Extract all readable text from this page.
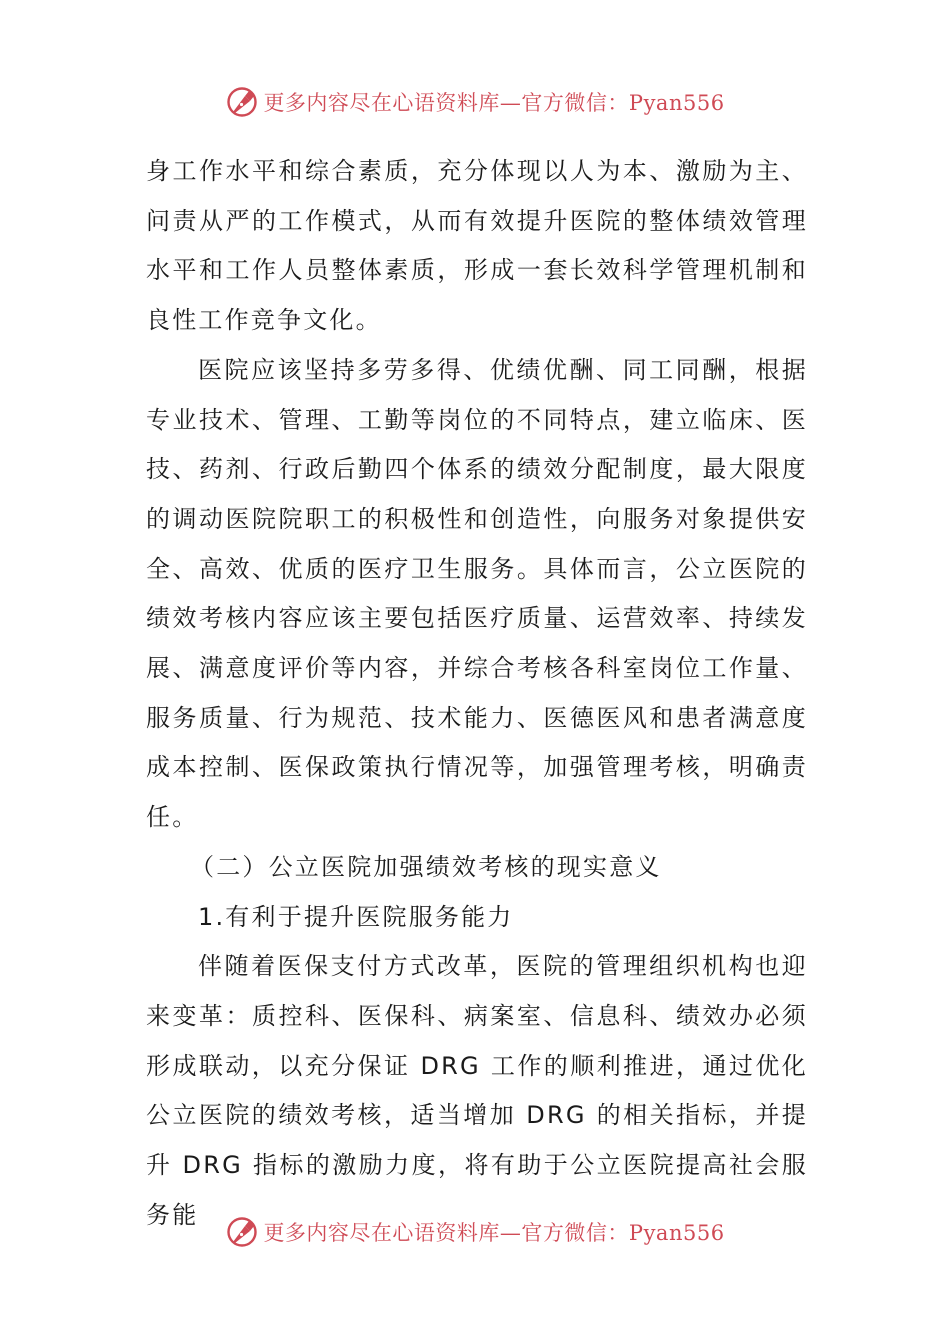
更多内容尽在心语资料库—官方微信：Pyan556

身工作水平和综合素质，充分体现以人为本、激励为主、问责从严的工作模式，从而有效提升医院的整体绩效管理水平和工作人员整体素质，形成一套长效科学管理机制和良性工作竞争文化。

医院应该坚持多劳多得、优绩优酬、同工同酬，根据专业技术、管理、工勤等岗位的不同特点，建立临床、医技、药剂、行政后勤四个体系的绩效分配制度，最大限度的调动医院院职工的积极性和创造性，向服务对象提供安全、高效、优质的医疗卫生服务。具体而言，公立医院的绩效考核内容应该主要包括医疗质量、运营效率、持续发展、满意度评价等内容，并综合考核各科室岗位工作量、服务质量、行为规范、技术能力、医德医风和患者满意度成本控制、医保政策执行情况等，加强管理考核，明确责任。

（二）公立医院加强绩效考核的现实意义

1.有利于提升医院服务能力

伴随着医保支付方式改革，医院的管理组织机构也迎来变革：质控科、医保科、病案室、信息科、绩效办必须形成联动，以充分保证 DRG 工作的顺利推进，通过优化公立医院的绩效考核，适当增加 DRG 的相关指标，并提升 DRG 指标的激励力度，将有助于公立医院提高社会服务能

更多内容尽在心语资料库—官方微信：Pyan556
